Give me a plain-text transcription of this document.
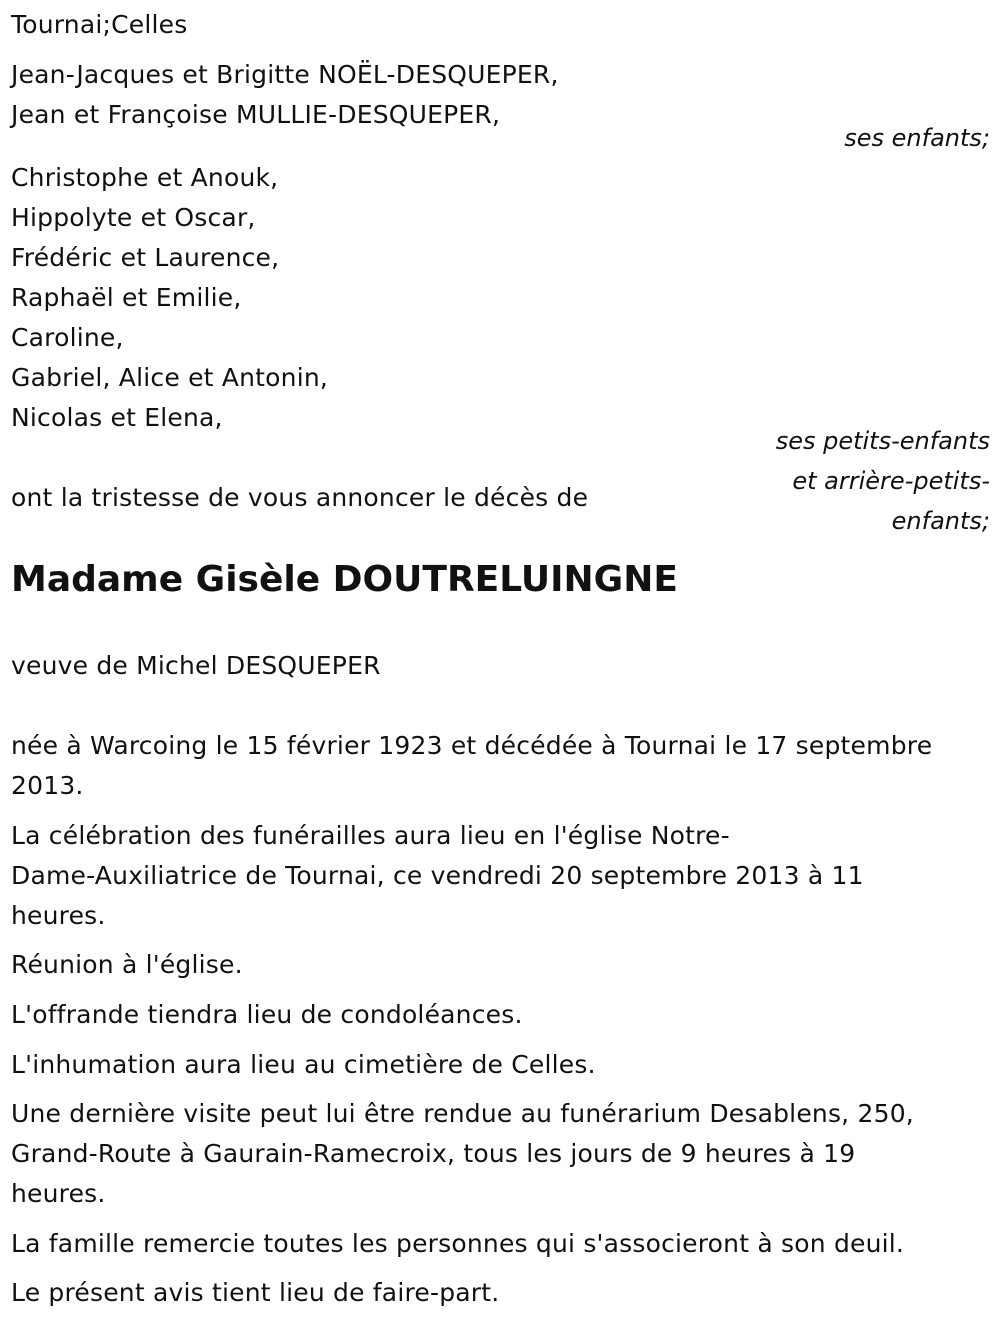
Tournai;Celles
Jean-Jacques et Brigitte NOËL-DESQUEPER,
Jean et Françoise MULLIE-DESQUEPER,
ses enfants;
Christophe et Anouk,
Hippolyte et Oscar,
Frédéric et Laurence,
Raphaël et Emilie,
Caroline,
Gabriel, Alice et Antonin,
Nicolas et Elena,
ses petits-enfants
et arrière-petits-
enfants;
ont la tristesse de vous annoncer le décès de
Madame Gisèle DOUTRELUINGNE
veuve de Michel DESQUEPER
née à Warcoing le 15 février 1923 et décédée à Tournai le 17 septembre
2013.
La célébration des funérailles aura lieu en l'église Notre-
Dame-Auxiliatrice de Tournai, ce vendredi 20 septembre 2013 à 11
heures.
Réunion à l'église.
L'offrande tiendra lieu de condoléances.
L'inhumation aura lieu au cimetière de Celles.
Une dernière visite peut lui être rendue au funérarium Desablens, 250,
Grand-Route à Gaurain-Ramecroix, tous les jours de 9 heures à 19
heures.
La famille remercie toutes les personnes qui s'associeront à son deuil.
Le présent avis tient lieu de faire-part.
